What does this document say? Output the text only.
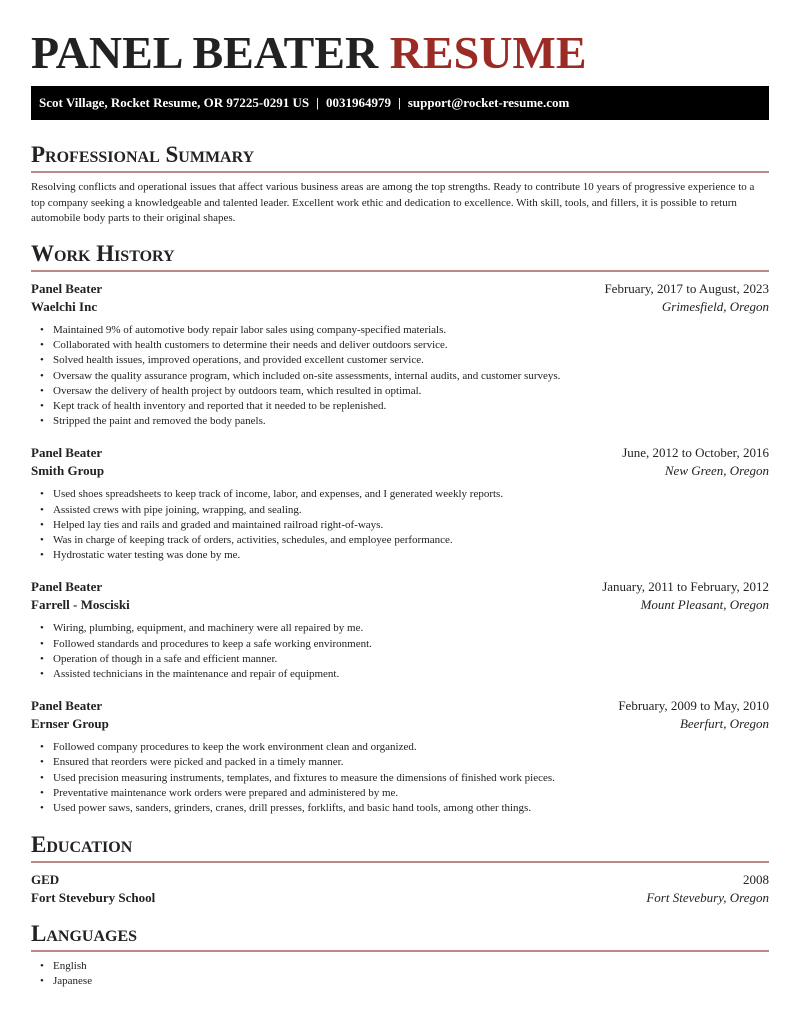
PANEL BEATER RESUME
Scot Village, Rocket Resume, OR 97225-0291 US | 0031964979 | support@rocket-resume.com
Professional Summary

Resolving conflicts and operational issues that affect various business areas are among the top strengths. Ready to contribute 10 years of progressive experience to a top company seeking a knowledgeable and talented leader. Excellent work ethic and dedication to excellence. With skill, tools, and fillers, it is possible to return automobile body parts to their original shapes.

Work History
Panel Beater	February, 2017 to August, 2023
Waelchi Inc	Grimesfield, Oregon
• Maintained 9% of automotive body repair labor sales using company-specified materials.
• Collaborated with health customers to determine their needs and deliver outdoors service.
• Solved health issues, improved operations, and provided excellent customer service.
• Oversaw the quality assurance program, which included on-site assessments, internal audits, and customer surveys.
• Oversaw the delivery of health project by outdoors team, which resulted in optimal.
• Kept track of health inventory and reported that it needed to be replenished.
• Stripped the paint and removed the body panels.
Panel Beater	June, 2012 to October, 2016
Smith Group	New Green, Oregon
• Used shoes spreadsheets to keep track of income, labor, and expenses, and I generated weekly reports.
• Assisted crews with pipe joining, wrapping, and sealing.
• Helped lay ties and rails and graded and maintained railroad right-of-ways.
• Was in charge of keeping track of orders, activities, schedules, and employee performance.
• Hydrostatic water testing was done by me.
Panel Beater	January, 2011 to February, 2012
Farrell - Mosciski	Mount Pleasant, Oregon
• Wiring, plumbing, equipment, and machinery were all repaired by me.
• Followed standards and procedures to keep a safe working environment.
• Operation of though in a safe and efficient manner.
• Assisted technicians in the maintenance and repair of equipment.
Panel Beater	February, 2009 to May, 2010
Ernser Group	Beerfurt, Oregon
• Followed company procedures to keep the work environment clean and organized.
• Ensured that reorders were picked and packed in a timely manner.
• Used precision measuring instruments, templates, and fixtures to measure the dimensions of finished work pieces.
• Preventative maintenance work orders were prepared and administered by me.
• Used power saws, sanders, grinders, cranes, drill presses, forklifts, and basic hand tools, among other things.
Education
GED	2008
Fort Stevebury School	Fort Stevebury, Oregon
Languages
• English
• Japanese
